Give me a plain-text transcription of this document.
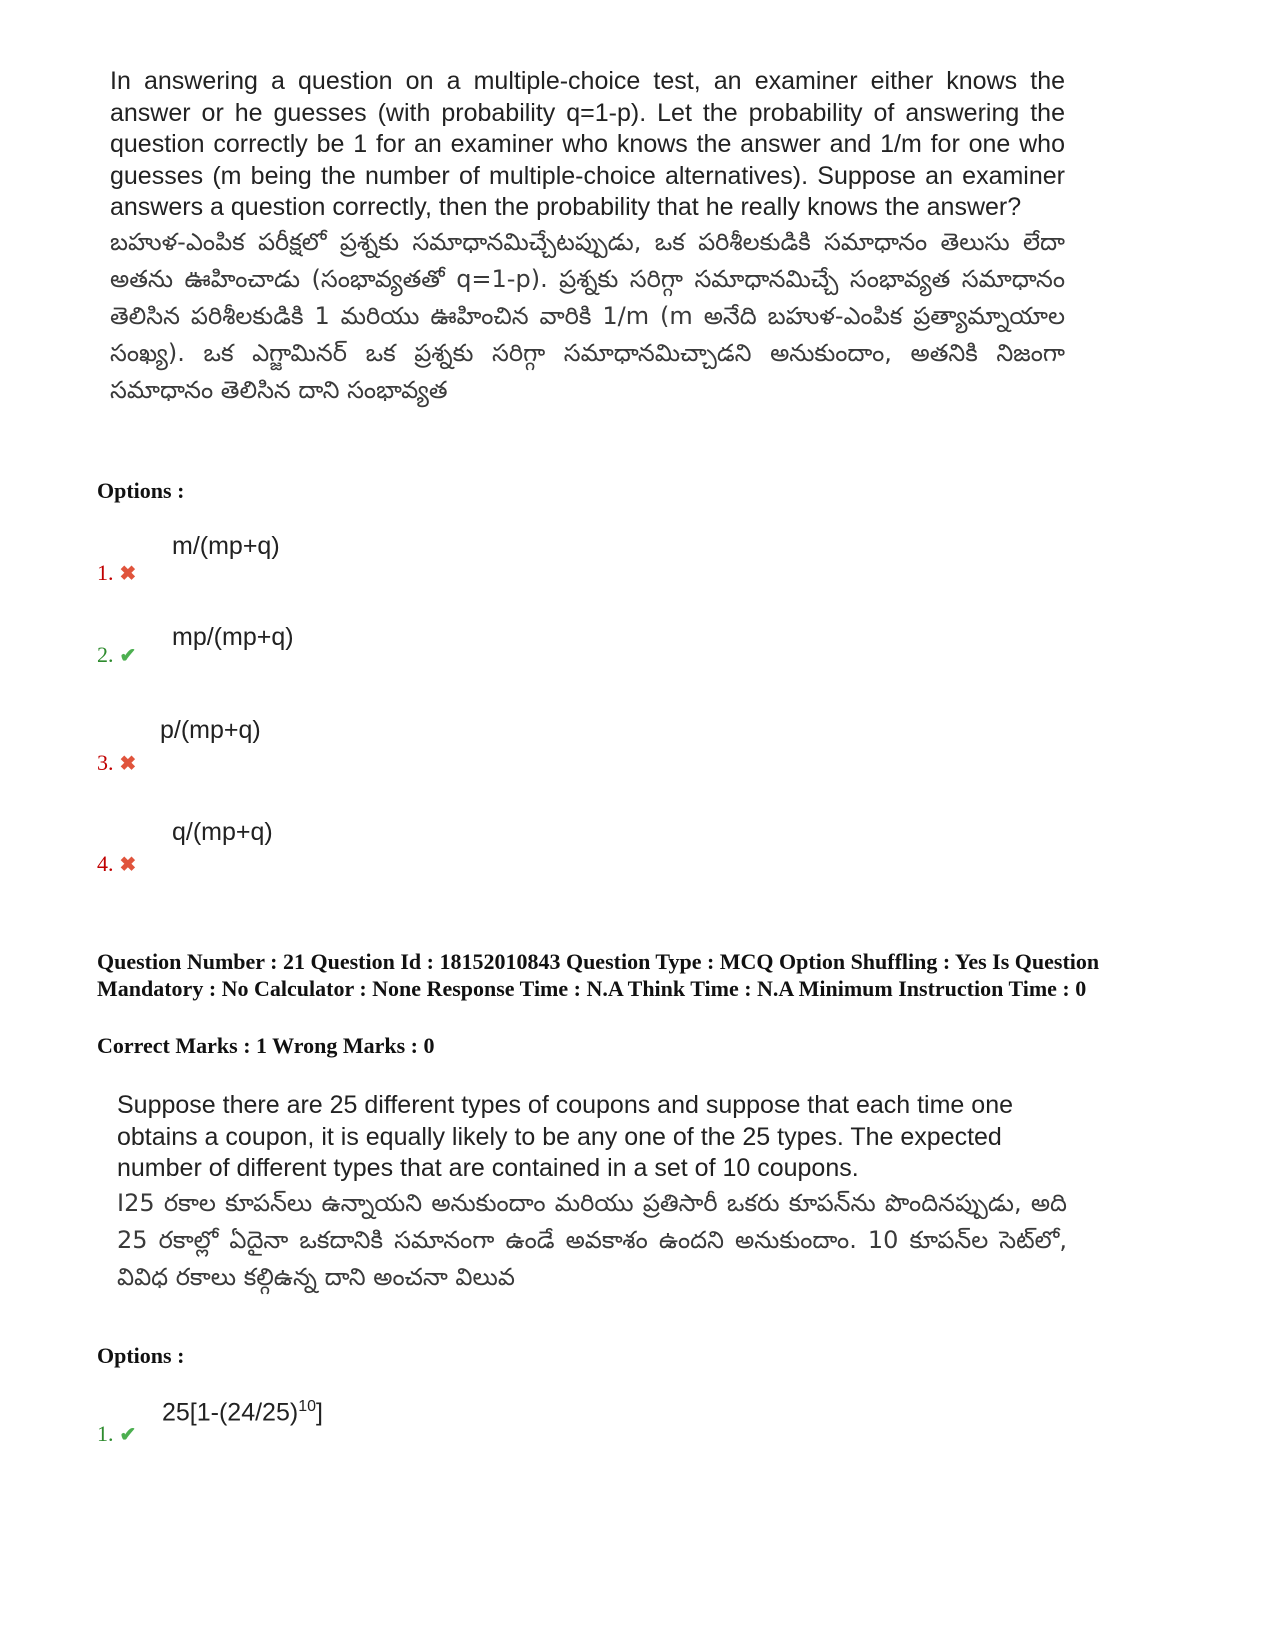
In answering a question on a multiple-choice test, an examiner either knows the answer or he guesses (with probability q=1-p). Let the probability of answering the question correctly be 1 for an examiner who knows the answer and 1/m for one who guesses (m being the number of multiple-choice alternatives). Suppose an examiner answers a question correctly, then the probability that he really knows the answer?

బహుళ-ఎంపిక పరీక్షలో ప్రశ్నకు సమాధానమిచ్చేటప్పుడు, ఒక పరిశీలకుడికి సమాధానం తెలుసు లేదా అతను ఊహించాడు (సంభావ్యతతో q=1-p). ప్రశ్నకు సరిగ్గా సమాధానమిచ్చే సంభావ్యత సమాధానం తెలిసిన పరిశీలకుడికి 1 మరియు ఊహించిన వారికి 1/m (m అనేది బహుళ-ఎంపిక ప్రత్యామ్నాయాల సంఖ్య). ఒక ఎగ్జామినర్ ఒక ప్రశ్నకు సరిగ్గా సమాధానమిచ్చాడని అనుకుందాం, అతనికి నిజంగా సమాధానం తెలిసిన దాని సంభావ్యత

Options :
m/(mp+q)
1. ✖
mp/(mp+q)
2. ✔
p/(mp+q)
3. ✖
q/(mp+q)
4. ✖
Question Number : 21 Question Id : 18152010843 Question Type : MCQ Option Shuffling : Yes Is Question Mandatory : No Calculator : None Response Time : N.A Think Time : N.A Minimum Instruction Time : 0
Correct Marks : 1 Wrong Marks : 0

Suppose there are 25 different types of coupons and suppose that each time one obtains a coupon, it is equally likely to be any one of the 25 types. The expected number of different types that are contained in a set of 10 coupons.

I25 రకాల కూపన్‌లు ఉన్నాయని అనుకుందాం మరియు ప్రతిసారీ ఒకరు కూపన్‌ను పొందినప్పుడు, అది 25 రకాల్లో ఏదైనా ఒకదానికి సమానంగా ఉండే అవకాశం ఉందని అనుకుందాం. 10 కూపన్‌ల సెట్‌లో, వివిధ రకాలు కల్గిఉన్న దాని అంచనా విలువ

Options :
$25[1-(24/25)^{10}]$
1. ✔
